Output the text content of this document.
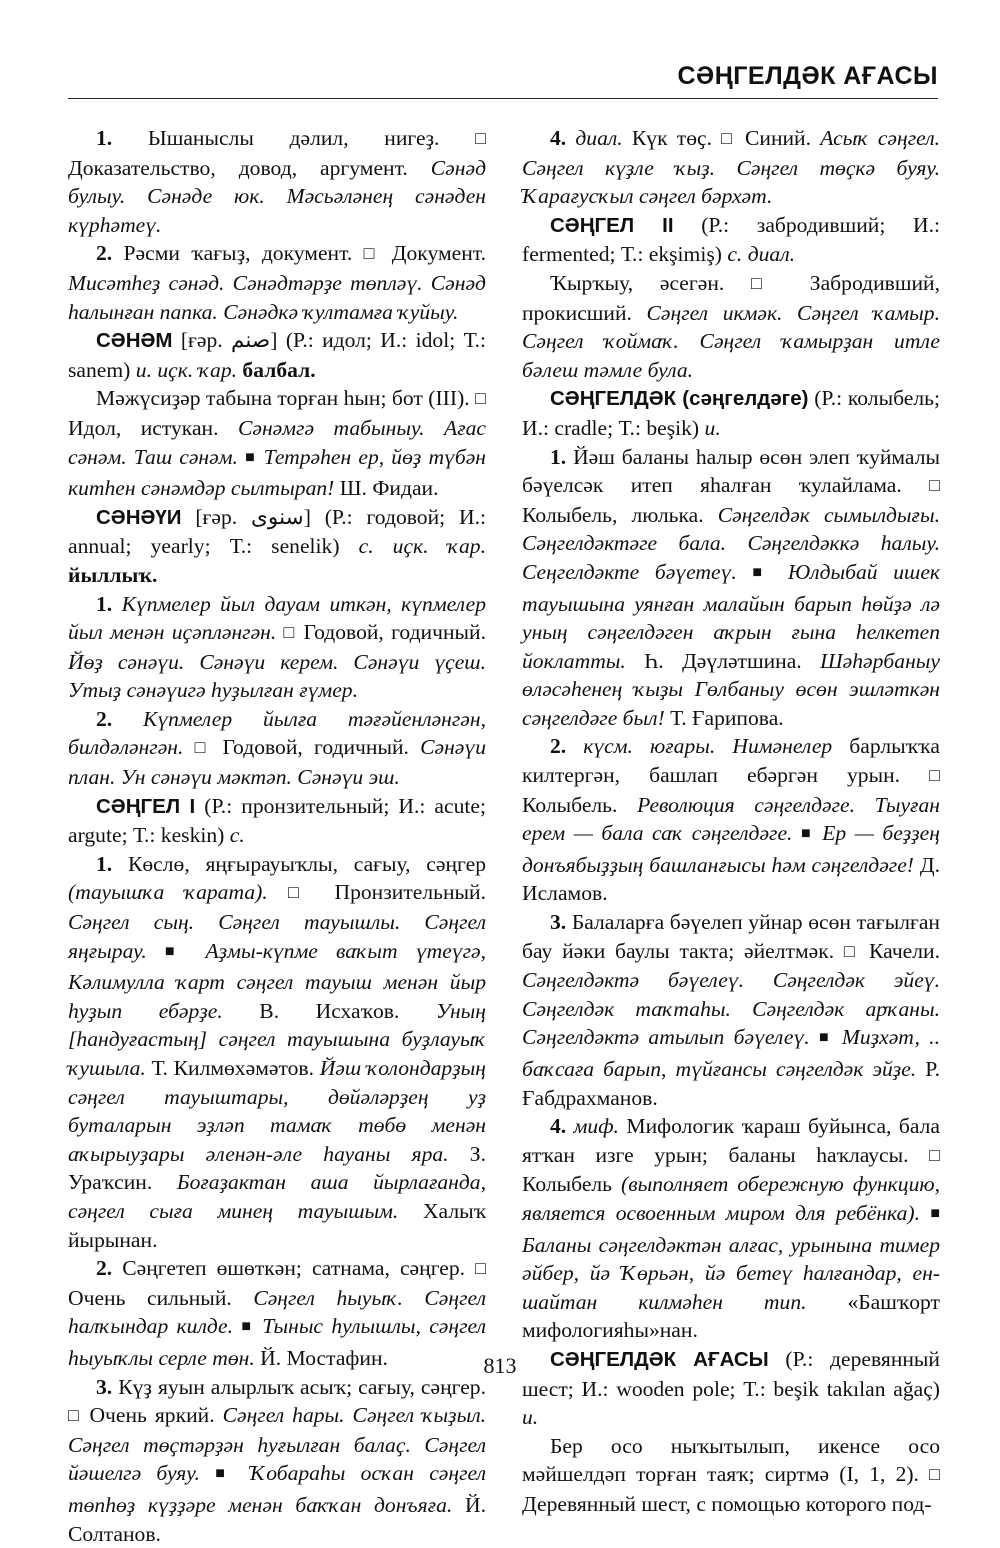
СӘҢГЕЛДӘК АҒАСЫ

1. Ышаныслы дәлил, нигеҙ. □ Доказательство, довод, аргумент. Сәнәд булыу. Сәнәде юк. Мәсьәләнең сәнәден күрһәтеү.

2. Рәсми ҡағыҙ, документ. □ Документ. Мисәтһеҙ сәнәд. Сәнәдтәрҙе төпләү. Сәнәд һалынған папка. Сәнәдкә ҡултамға ҡуйыу.

СӘНӘМ [ғәр. صنم] (Р.: идол; И.: idol; Т.: sanem) и. иҫк. ҡар. балбал.

Мәжүсиҙәр табына торған һын; бот (III). □ Идол, истукан. Сәнәмгә табыныу. Ағас сәнәм. Таш сәнәм. ■ Тетрәһен ер, йөҙ түбән китһен сәнәмдәр сылтырап! Ш. Фидаи.

СӘНӘҮИ [ғәр. سنوى] (Р.: годовой; И.: annual; yearly; Т.: senelik) с. иҫк. ҡар. йыллыҡ.

1. Күпмелер йыл дауам иткән, күпмелер йыл менән иҫәпләнгән. □ Годовой, годичный. Йөҙ сәнәүи. Сәнәүи керем. Сәнәүи үҫеш. Утыҙ сәнәүигә һуҙылған ғүмер.

2. Күпмелер йылға тәғәйенләнгән, билдәләнгән. □ Годовой, годичный. Сәнәүи план. Ун сәнәүи мәктәп. Сәнәүи эш.

СӘҢГЕЛ I (Р.: пронзительный; И.: acute; argute; Т.: keskin) с.

1. Көслө, яңғырауыҡлы, сағыу, сәңгер (тауышҡа ҡарата). □ Пронзительный. Сәңгел сыӊ. Сәңгел тауышлы. Сәңгел яңғырау. ■ Аҙмы-күпме ваҡыт үтеүгә, Кәлимулла ҡарт сәңгел тауыш менән йыр һуҙып ебәрҙе. В. Исхаҡов. Уның [һандуғастың] сәңгел тауышына буҙлауыҡ ҡушыла. Т. Килмөхәмәтов. Йәш ҡолондарҙың сәңгел тауыштары, дөйәләрҙең уҙ буталарын эҙләп тамаҡ төбө менән аҡырыуҙары әленән-әле һауаны яра. З. Ураҡсин. Боғаҙактан аша йырлағанда, сәңгел сыға минең тауышым. Халыҡ йырынан.

2. Сәңгетеп өшөткән; сатнама, сәңгер. □ Очень сильный. Сәңгел һыуыҡ. Сәңгел һалҡындар килде. ■ Тыныс һулышлы, сәңгел һыуыҡлы серле төн. Й. Мостафин.

3. Күҙ яуын алырлыҡ асыҡ; сағыу, сәңгер. □ Очень яркий. Сәңгел һары. Сәңгел ҡыҙыл. Сәңгел төҫтәрҙән һуғылған балаҫ. Сәңгел йәшелгә буяу. ■ Ҡобараһы осҡан сәңгел төпһөҙ күҙҙәре менән баҡҡан донъяға. Й. Солтанов.

4. диал. Күк төҫ. □ Синий. Асыҡ сәңгел. Сәңгел күҙле ҡыҙ. Сәңгел төҫкә буяу. Ҡарағусҡыл сәңгел бәрхәт.

СӘҢГЕЛ II (Р.: забродивший; И.: fermented; Т.: ekşimiş) с. диал.

Ҡырҡыу, әсегән. □ Забродивший, прокисший. Сәңгел икмәк. Сәңгел ҡамыр. Сәңгел ҡоймаҡ. Сәңгел ҡамырҙан итле бәлеш тәмле була.

СӘҢГЕЛДӘК (сәңгелдәге) (Р.: колыбель; И.: cradle; Т.: beşik) и.

1. Йәш баланы һалыр өсөн элеп ҡуймалы бәүелсәк итеп яһалған ҡулайлама. □ Колыбель, люлька. Сәңгелдәк сымылдығы. Сәңгелдәктәге бала. Сәңгелдәккә һалыу. Сеңгелдәкте бәүетеү. ■ Юлдыбай ишек тауышына уянған малайын барып һөйҙә лә уның сәңгелдәген аҡрын ғына һелкетеп йоклатты. Һ. Дәүләтшина. Шәһәрбаныу өләсәһенең ҡыҙы Гөлбаныу өсөн эшләткән сәңгелдәге был! Т. Ғарипова.

2. күсм. юғары. Нимәнелер барлыҡҡа килтергән, башлап ебәргән урын. □ Колыбель. Революция сәңгелдәге. Тыуған ерем — бала саҡ сәңгелдәге. ■ Ер — беҙҙең донъябыҙҙың башланғысы һәм сәңгелдәге! Д. Исламов.

3. Балаларға бәүелеп уйнар өсөн тағылған бау йәки баулы такта; әйелтмәк. □ Качели. Сәңгелдәктә бәүелеү. Сәңгелдәк эйеү. Сәңгелдәк таҡтаһы. Сәңгелдәк арҡаны. Сәңгелдәктә атылып бәүелеү. ■ Миҙхәт, .. баҡсаға барып, түйғансы сәңгелдәк эйҙе. Р. Ғабдрахманов.

4. миф. Мифологик ҡараш буйынса, бала ятҡан изге урын; баланы һаҡлаусы. □ Колыбель (выполняет обережную функцию, является освоенным миром для ребёнка). ■ Баланы сәңгелдәктән алғас, урынына тимер әйбер, йә Ҡөрьән, йә бетеү һалғандар, ен-шайтан килмәһен тип. «Башҡорт мифологияһы»нан.

СӘҢГЕЛДӘК АҒАСЫ (Р.: деревянный шест; И.: wooden pole; Т.: beşik takılan ağaç) и.

Бер осо ныҡытылып, икенсе осо мәйшелдәп торған таяҡ; сиртмә (I, 1, 2). □ Деревянный шест, с помощью которого под-

813
